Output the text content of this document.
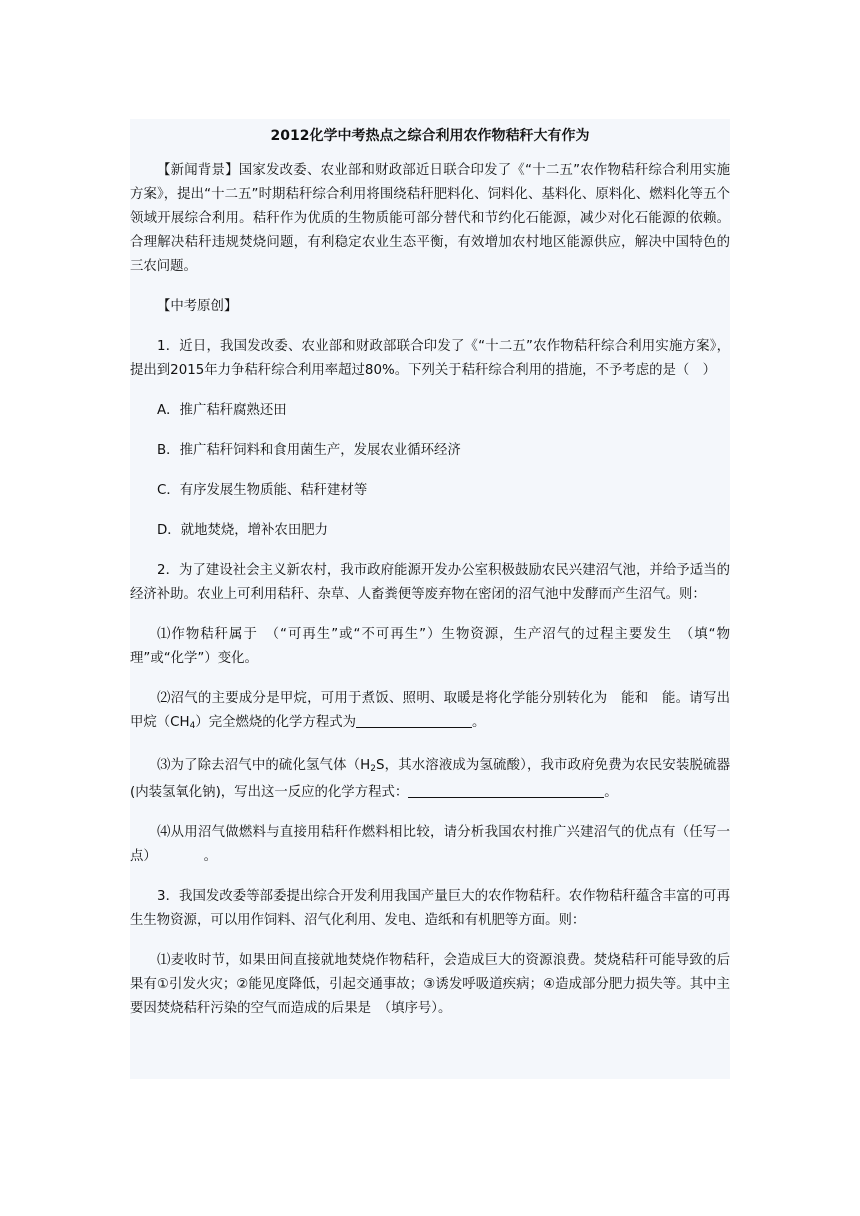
2012化学中考热点之综合利用农作物秸秆大有作为

【新闻背景】国家发改委、农业部和财政部近日联合印发了《“十二五”农作物秸秆综合利用实施方案》，提出“十二五”时期秸秆综合利用将围绕秸秆肥料化、饲料化、基料化、原料化、燃料化等五个领域开展综合利用。秸秆作为优质的生物质能可部分替代和节约化石能源，减少对化石能源的依赖。合理解决秸秆违规焚烧问题，有利稳定农业生态平衡，有效增加农村地区能源供应，解决中国特色的三农问题。

【中考原创】

1．近日，我国发改委、农业部和财政部联合印发了《“十二五”农作物秸秆综合利用实施方案》，提出到2015年力争秸秆综合利用率超过80%。下列关于秸秆综合利用的措施，不予考虑的是（　）

A．推广秸秆腐熟还田

B．推广秸秆饲料和食用菌生产，发展农业循环经济

C．有序发展生物质能、秸秆建材等

D．就地焚烧，增补农田肥力

2．为了建设社会主义新农村，我市政府能源开发办公室积极鼓励农民兴建沼气池，并给予适当的经济补助。农业上可利用秸秆、杂草、人畜粪便等废弃物在密闭的沼气池中发酵而产生沼气。则：

⑴作物秸秆属于　（“可再生”或“不可再生”）生物资源，生产沼气的过程主要发生　（填“物理”或“化学”）变化。

⑵沼气的主要成分是甲烷，可用于煮饭、照明、取暖是将化学能分别转化为　能和　能。请写出甲烷$(CH_4)$完全燃烧的化学方程式为	。

⑶为了除去沼气中的硫化氢气体（$H_2S$，其水溶液成为氢硫酸），我市政府免费为农民安装脱硫器(内装氢氧化钠)，写出这一反应的化学方程式：	。

⑷从用沼气做燃料与直接用秸秆作燃料相比较，请分析我国农村推广兴建沼气的优点有（任写一点）　　　　。

3．我国发改委等部委提出综合开发利用我国产量巨大的农作物秸秆。农作物秸秆蕴含丰富的可再生生物资源，可以用作饲料、沼气化利用、发电、造纸和有机肥等方面。则：

⑴麦收时节，如果田间直接就地焚烧作物秸秆，会造成巨大的资源浪费。焚烧秸秆可能导致的后果有①引发火灾；②能见度降低，引起交通事故；③诱发呼吸道疾病；④造成部分肥力损失等。其中主要因焚烧秸秆污染的空气而造成的后果是　（填序号）。
